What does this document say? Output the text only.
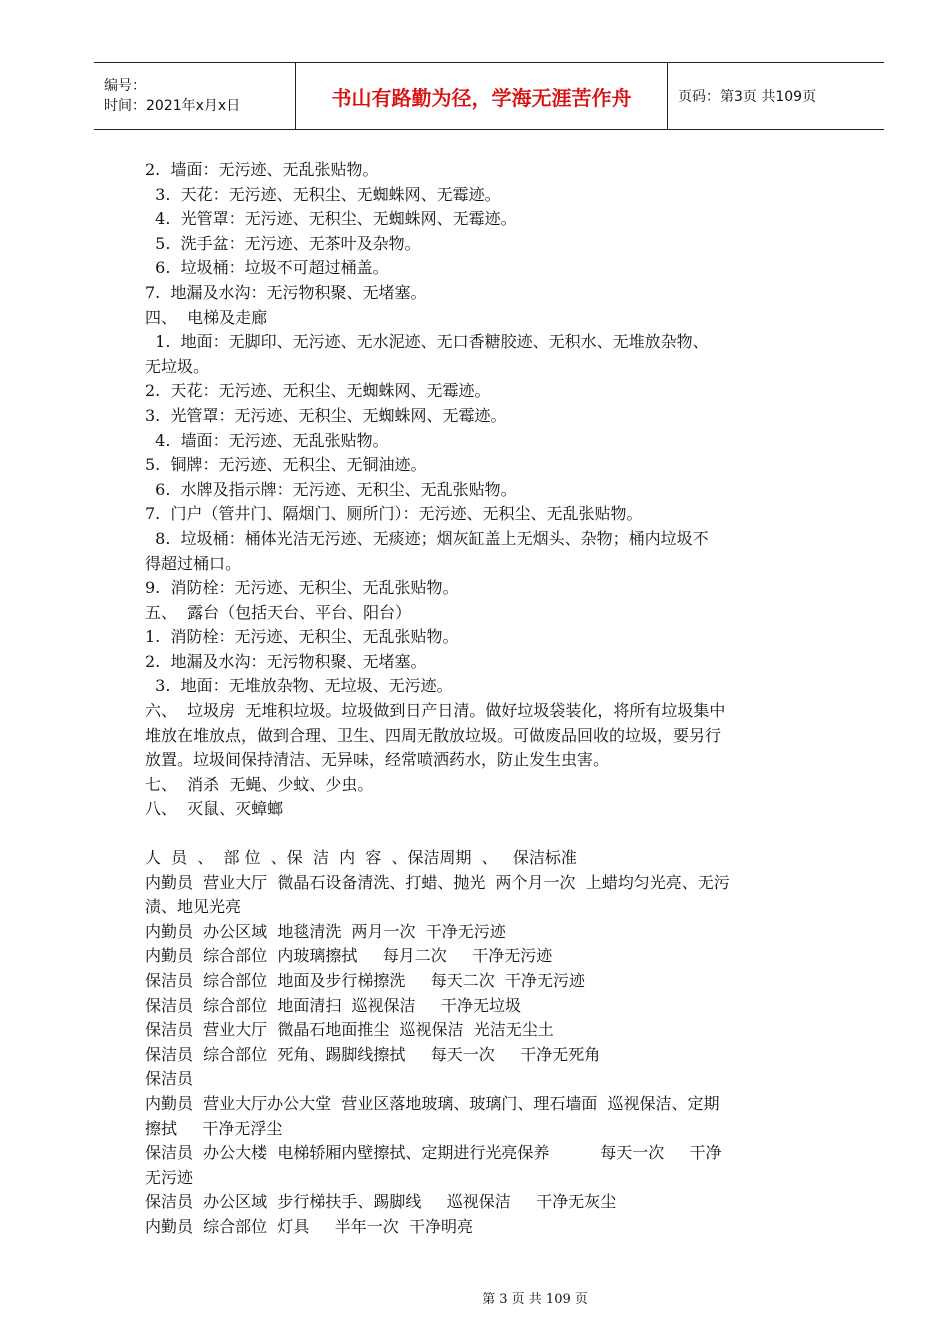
编号：
时间：2021年x月x日	书山有路勤为径，学海无涯苦作舟	页码：第3页 共109页
2.  墙面：无污迹、无乱张贴物。
3.  天花：无污迹、无积尘、无蜘蛛网、无霉迹。
4.  光管罩：无污迹、无积尘、无蜘蛛网、无霉迹。
5.  洗手盆：无污迹、无茶叶及杂物。
6.  垃圾桶：垃圾不可超过桶盖。
7.  地漏及水沟：无污物积聚、无堵塞。
四、  电梯及走廊
1.  地面：无脚印、无污迹、无水泥迹、无口香糖胶迹、无积水、无堆放杂物、
无垃圾。
2.  天花：无污迹、无积尘、无蜘蛛网、无霉迹。
3.  光管罩：无污迹、无积尘、无蜘蛛网、无霉迹。
4.  墙面：无污迹、无乱张贴物。
5.  铜牌：无污迹、无积尘、无铜油迹。
6.  水牌及指示牌：无污迹、无积尘、无乱张贴物。
7.  门户（管井门、隔烟门、厕所门）：无污迹、无积尘、无乱张贴物。
8.  垃圾桶：桶体光洁无污迹、无痰迹；烟灰缸盖上无烟头、杂物；桶内垃圾不
得超过桶口。
9.  消防栓：无污迹、无积尘、无乱张贴物。
五、  露台（包括天台、平台、阳台）
1.  消防栓：无污迹、无积尘、无乱张贴物。
2.  地漏及水沟：无污物积聚、无堵塞。
3.  地面：无堆放杂物、无垃圾、无污迹。
六、  垃圾房  无堆积垃圾。垃圾做到日产日清。做好垃圾袋装化，将所有垃圾集中
堆放在堆放点，做到合理、卫生、四周无散放垃圾。可做废品回收的垃圾，要另行
放置。垃圾间保持清洁、无异味，经常喷洒药水，防止发生虫害。
七、  消杀  无蝇、少蚊、少虫。
八、  灭鼠、灭蟑螂
人  员  、  部 位  、保  洁  内  容  、保洁周期  、   保洁标准
内勤员  营业大厅  微晶石设备清洗、打蜡、抛光  两个月一次  上蜡均匀光亮、无污
渍、地见光亮
内勤员  办公区域  地毯清洗  两月一次  干净无污迹
内勤员  综合部位  内玻璃擦拭     每月二次     干净无污迹
保洁员  综合部位  地面及步行梯擦洗     每天二次  干净无污迹
保洁员  综合部位  地面清扫  巡视保洁     干净无垃圾
保洁员  营业大厅  微晶石地面推尘  巡视保洁  光洁无尘土
保洁员  综合部位  死角、踢脚线擦拭     每天一次     干净无死角
保洁员
内勤员  营业大厅办公大堂  营业区落地玻璃、玻璃门、理石墙面  巡视保洁、定期
擦拭     干净无浮尘
保洁员  办公大楼  电梯轿厢内壁擦拭、定期进行光亮保养          每天一次     干净
无污迹
保洁员  办公区域  步行梯扶手、踢脚线     巡视保洁     干净无灰尘
内勤员  综合部位  灯具     半年一次  干净明亮
第 3 页 共 109 页
